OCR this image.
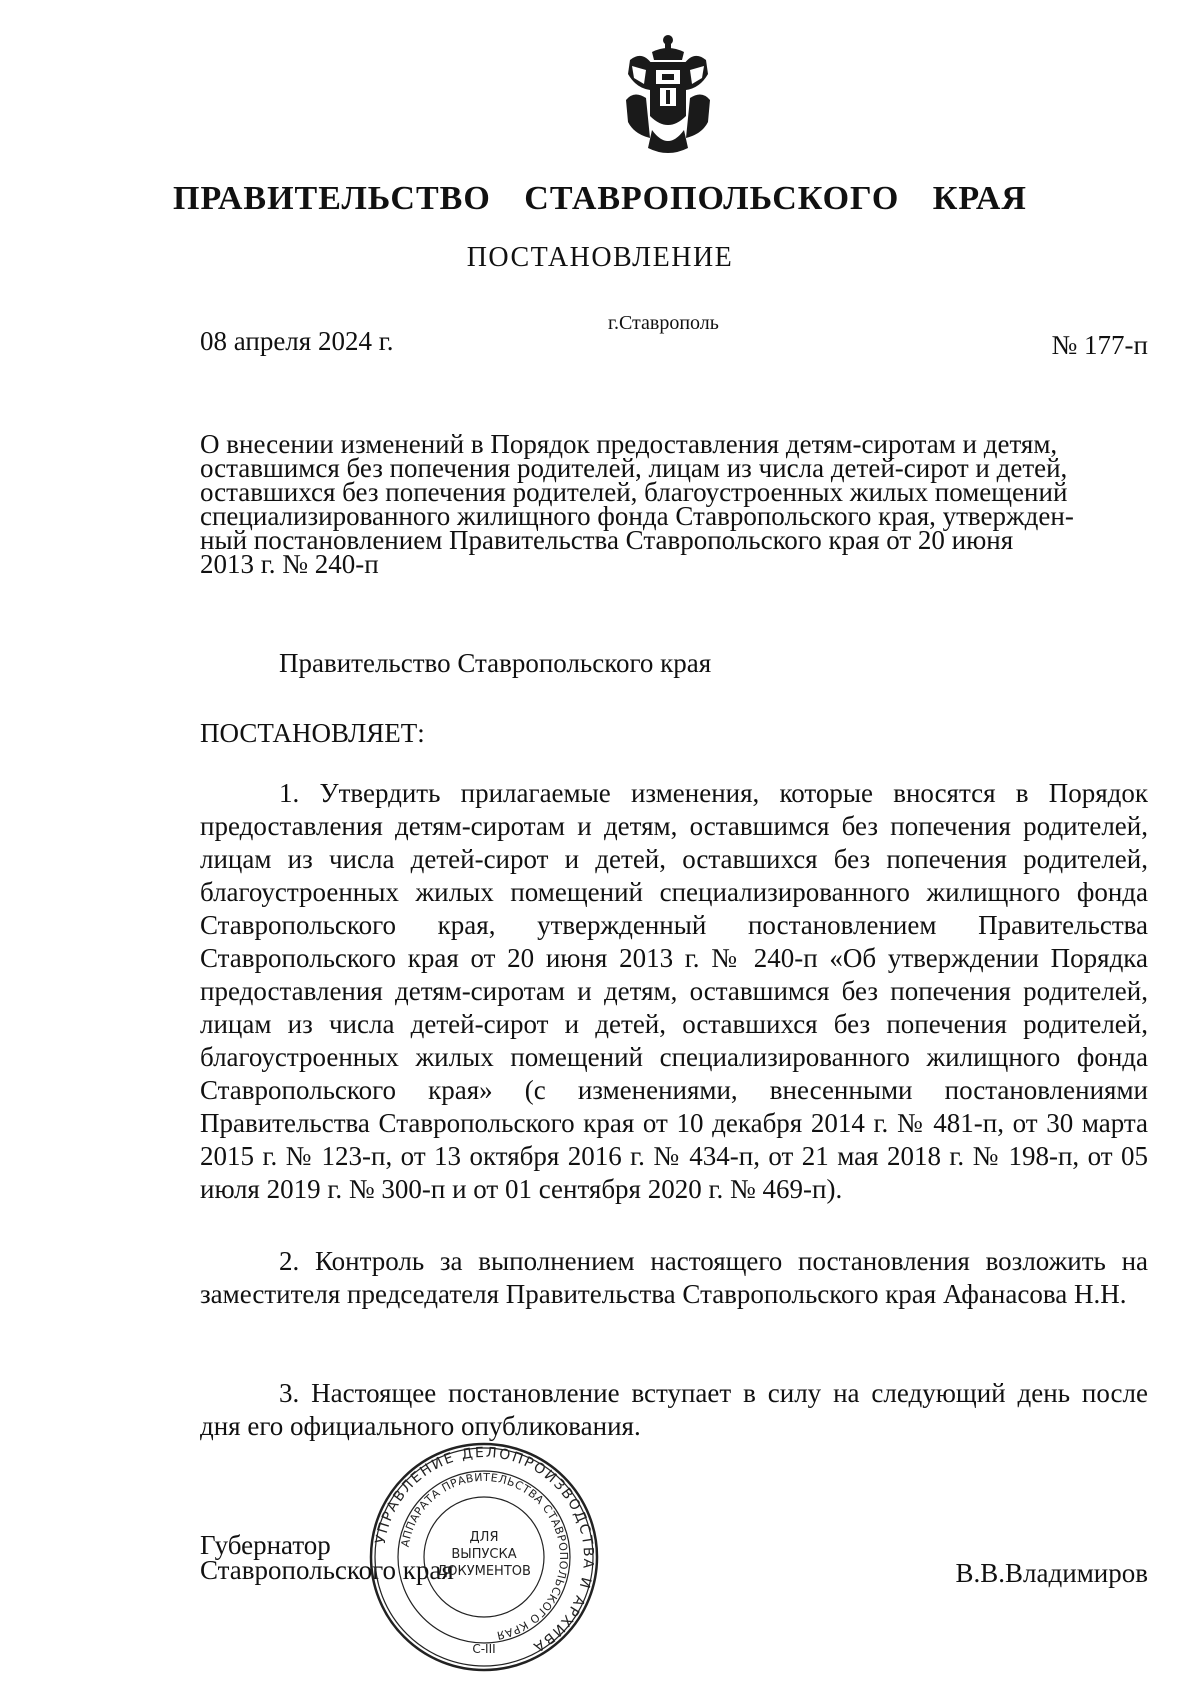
ПРАВИТЕЛЬСТВО СТАВРОПОЛЬСКОГО КРАЯ
ПОСТАНОВЛЕНИЕ
08 апреля 2024 г.
г.Ставрополь
№ 177-п
О внесении изменений в Порядок предоставления детям-сиротам и детям,
оставшимся без попечения родителей, лицам из числа детей-сирот и детей,
оставшихся без попечения родителей, благоустроенных жилых помещений
специализированного жилищного фонда Ставропольского края, утвержден-
ный постановлением Правительства Ставропольского края от 20 июня
2013 г. № 240-п
Правительство Ставропольского края
ПОСТАНОВЛЯЕТ:

1. Утвердить прилагаемые изменения, которые вносятся в Порядок предоставления детям-сиротам и детям, оставшимся без попечения родителей, лицам из числа детей-сирот и детей, оставшихся без попечения родителей, благоустроенных жилых помещений специализированного жилищного фонда Ставропольского края, утвержденный постановлением Правительства Ставропольского края от 20 июня 2013 г. № 240-п «Об утверждении Порядка предоставления детям-сиротам и детям, оставшимся без попечения родителей, лицам из числа детей-сирот и детей, оставшихся без попечения родителей, благоустроенных жилых помещений специализированного жилищного фонда Ставропольского края» (с изменениями, внесенными постановлениями Правительства Ставропольского края от 10 декабря 2014 г. № 481-п, от 30 марта 2015 г. № 123-п, от 13 октября 2016 г. № 434-п, от 21 мая 2018 г. № 198-п, от 05 июля 2019 г. № 300-п и от 01 сентября 2020 г. № 469-п).

2. Контроль за выполнением настоящего постановления возложить на заместителя председателя Правительства Ставропольского края Афанасова Н.Н.

3. Настоящее постановление вступает в силу на следующий день после дня его официального опубликования.

Губернатор
Ставропольского края	В.В.Владимиров
УПРАВЛЕНИЕ ДЕЛОПРОИЗВОДСТВА И АРХИВА
АППАРАТА ПРАВИТЕЛЬСТВА СТАВРОПОЛЬСКОГО КРАЯ
ДЛЯ
ВЫПУСКА
ДОКУМЕНТОВ
С-III
